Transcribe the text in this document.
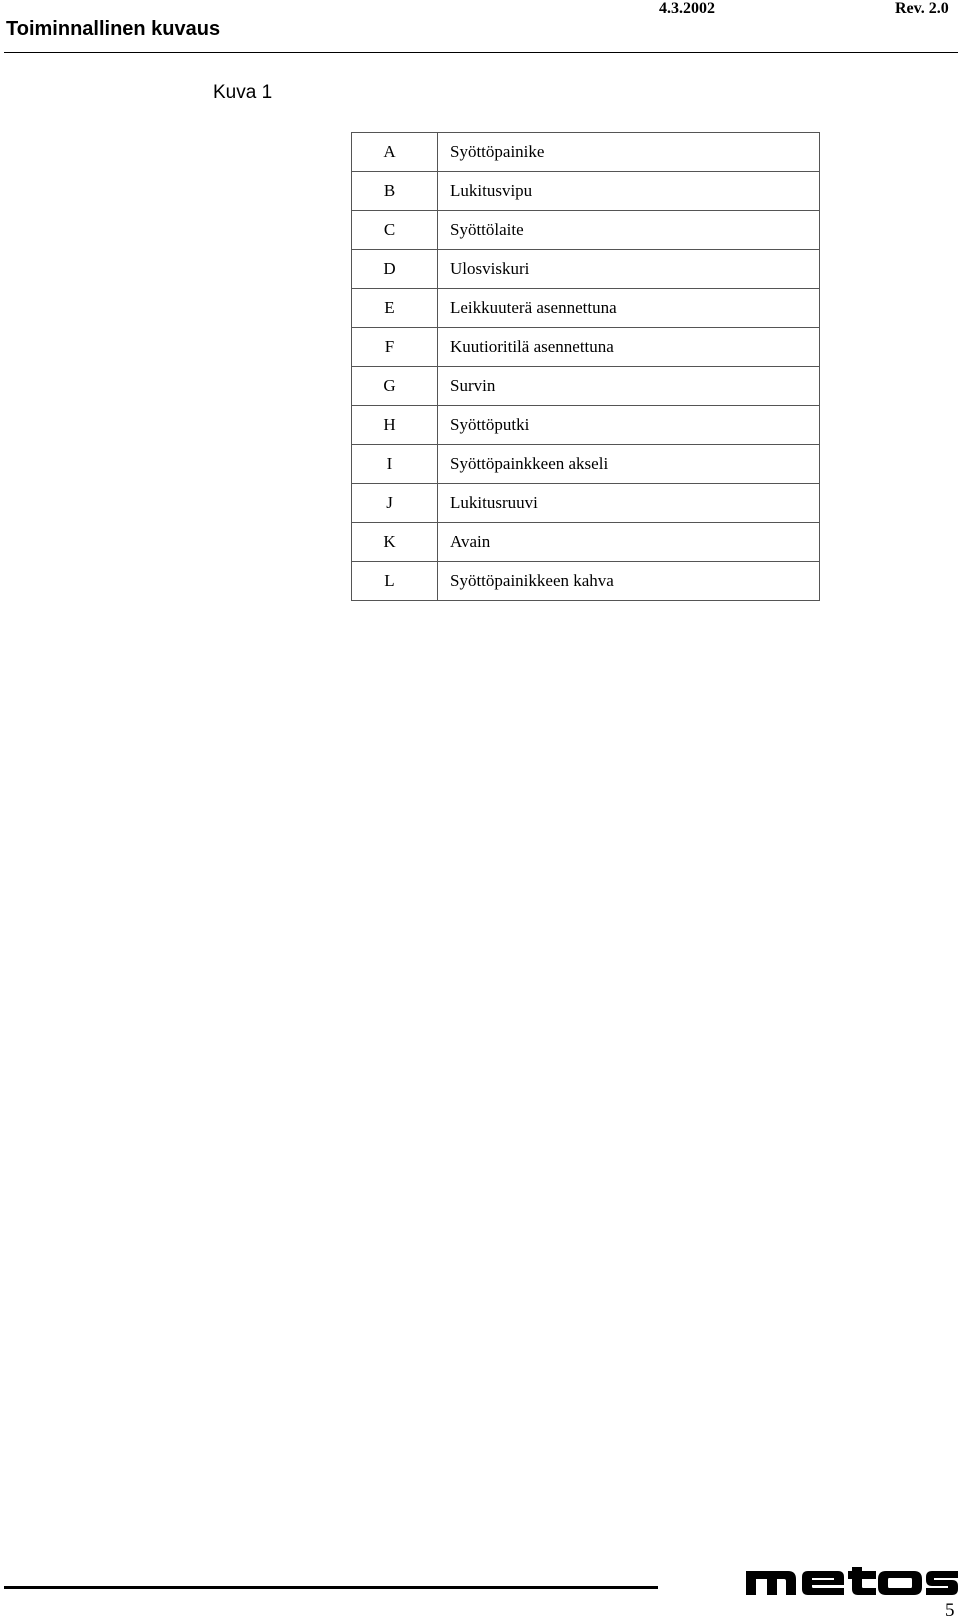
Toiminnallinen kuvaus
4.3.2002	Rev. 2.0
Kuva 1
A	Syöttöpainike
B	Lukitusvipu
C	Syöttölaite
D	Ulosviskuri
E	Leikkuuterä asennettuna
F	Kuutioritilä asennettuna
G	Survin
H	Syöttöputki
I	Syöttöpainkkeen akseli
J	Lukitusruuvi
K	Avain
L	Syöttöpainikkeen kahva
5
